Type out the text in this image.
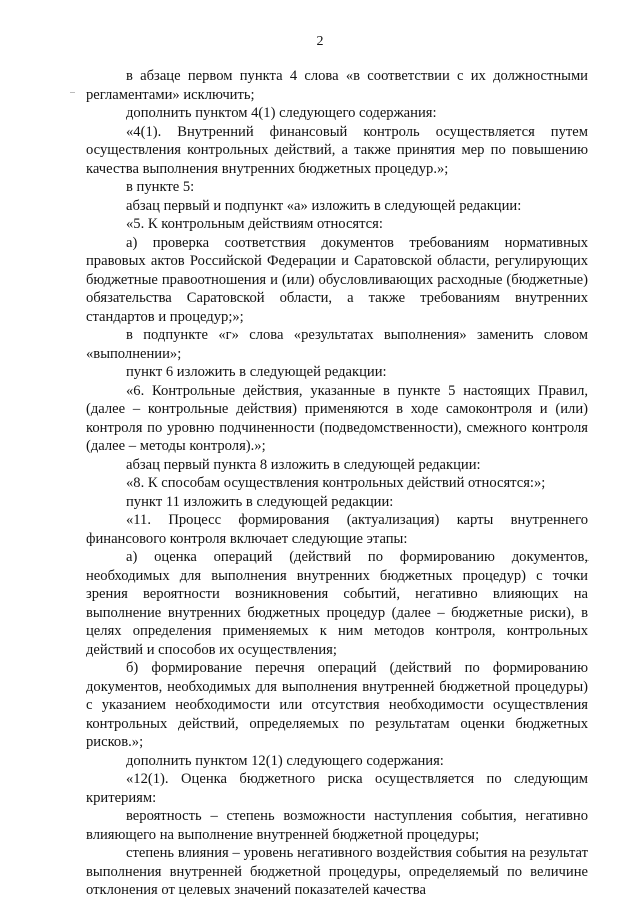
2

в абзаце первом пункта 4 слова «в соответствии с их должностными регламентами» исключить;

дополнить пунктом 4(1) следующего содержания:

«4(1). Внутренний финансовый контроль осуществляется путем осуществления контрольных действий, а также принятия мер по повышению качества выполнения внутренних бюджетных процедур.»;

в пункте 5:

абзац первый и подпункт «а» изложить в следующей редакции:

«5. К контрольным действиям относятся:

а) проверка соответствия документов требованиям нормативных правовых актов Российской Федерации и Саратовской области, регулирующих бюджетные правоотношения и (или) обусловливающих расходные (бюджетные) обязательства Саратовской области, а также требованиям внутренних стандартов и процедур;»;

в подпункте «г» слова «результатах выполнения» заменить словом «выполнении»;

пункт 6 изложить в следующей редакции:

«6. Контрольные действия, указанные в пункте 5 настоящих Правил, (далее – контрольные действия) применяются в ходе самоконтроля и (или) контроля по уровню подчиненности (подведомственности), смежного контроля (далее – методы контроля).»;

абзац первый пункта 8 изложить в следующей редакции:

«8. К способам осуществления контрольных действий относятся:»;

пункт 11 изложить в следующей редакции:

«11. Процесс формирования (актуализация) карты внутреннего финансового контроля включает следующие этапы:

а) оценка операций (действий по формированию документов, необходимых для выполнения внутренних бюджетных процедур) с точки зрения вероятности возникновения событий, негативно влияющих на выполнение внутренних бюджетных процедур (далее – бюджетные риски), в целях определения применяемых к ним методов контроля, контрольных действий и способов их осуществления;

б) формирование перечня операций (действий по формированию документов, необходимых для выполнения внутренней бюджетной процедуры) с указанием необходимости или отсутствия необходимости осуществления контрольных действий, определяемых по результатам оценки бюджетных рисков.»;

дополнить пунктом 12(1) следующего содержания:

«12(1). Оценка бюджетного риска осуществляется по следующим критериям:

вероятность – степень возможности наступления события, негативно влияющего на выполнение внутренней бюджетной процедуры;

степень влияния – уровень негативного воздействия события на результат выполнения внутренней бюджетной процедуры, определяемый по величине отклонения от целевых значений показателей качества
